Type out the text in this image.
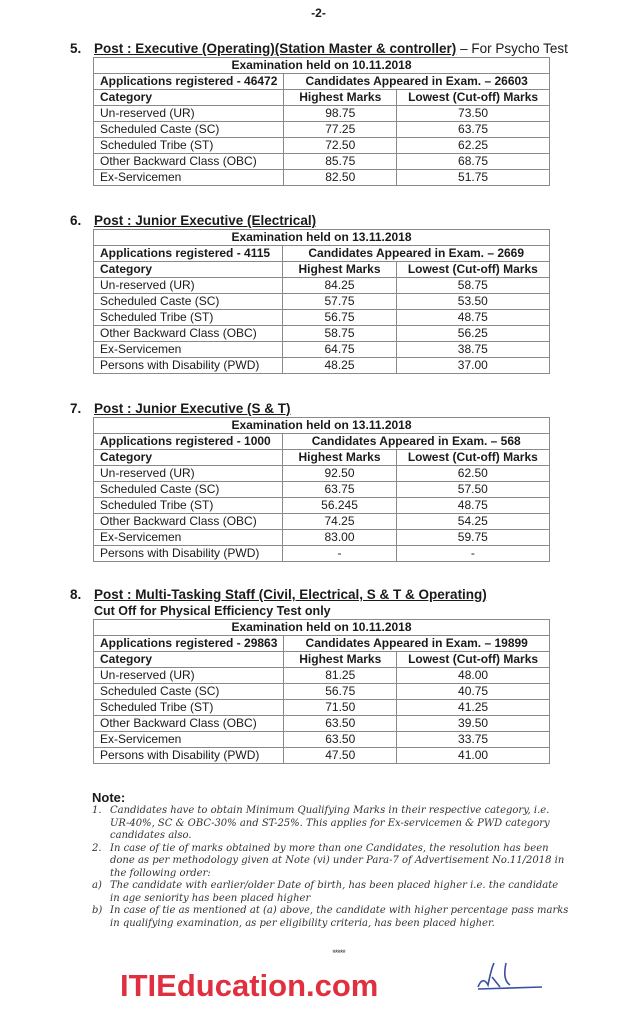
-2-
5. Post : Executive (Operating)(Station Master & controller) – For Psycho Test
Examination held on 10.11.2018		
Applications registered - 46472	Candidates Appeared in Exam. – 26603	
Category	Highest Marks	Lowest (Cut-off) Marks
Un-reserved (UR)	98.75	73.50
Scheduled Caste (SC)	77.25	63.75
Scheduled Tribe (ST)	72.50	62.25
Other Backward Class (OBC)	85.75	68.75
Ex-Servicemen	82.50	51.75
6. Post : Junior Executive (Electrical)
Examination held on 13.11.2018		
Applications registered - 4115	Candidates Appeared in Exam. – 2669	
Category	Highest Marks	Lowest (Cut-off) Marks
Un-reserved (UR)	84.25	58.75
Scheduled Caste (SC)	57.75	53.50
Scheduled Tribe (ST)	56.75	48.75
Other Backward Class (OBC)	58.75	56.25
Ex-Servicemen	64.75	38.75
Persons with Disability (PWD)	48.25	37.00
7. Post : Junior Executive (S & T)
Examination held on 13.11.2018		
Applications registered - 1000	Candidates Appeared in Exam. – 568	
Category	Highest Marks	Lowest (Cut-off) Marks
Un-reserved (UR)	92.50	62.50
Scheduled Caste (SC)	63.75	57.50
Scheduled Tribe (ST)	56.245	48.75
Other Backward Class (OBC)	74.25	54.25
Ex-Servicemen	83.00	59.75
Persons with Disability (PWD)	-	-
8. Post : Multi-Tasking Staff (Civil, Electrical, S & T & Operating)
Cut Off for Physical Efficiency Test only
Examination held on 10.11.2018		
Applications registered - 29863	Candidates Appeared in Exam. – 19899	
Category	Highest Marks	Lowest (Cut-off) Marks
Un-reserved (UR)	81.25	48.00
Scheduled Caste (SC)	56.75	40.75
Scheduled Tribe (ST)	71.50	41.25
Other Backward Class (OBC)	63.50	39.50
Ex-Servicemen	63.50	33.75
Persons with Disability (PWD)	47.50	41.00
Note:
1. Candidates have to obtain Minimum Qualifying Marks in their respective category, i.e. UR-40%, SC & OBC-30% and ST-25%. This applies for Ex-servicemen & PWD category candidates also.
2. In case of tie of marks obtained by more than one Candidates, the resolution has been done as per methodology given at Note (vi) under Para-7 of Advertisement No.11/2018 in the following order:
a) The candidate with earlier/older Date of birth, has been placed higher i.e. the candidate in age seniority has been placed higher
b) In case of tie as mentioned at (a) above, the candidate with higher percentage pass marks in qualifying examination, as per eligibility criteria, has been placed higher.
*****
ITIEducation.com
